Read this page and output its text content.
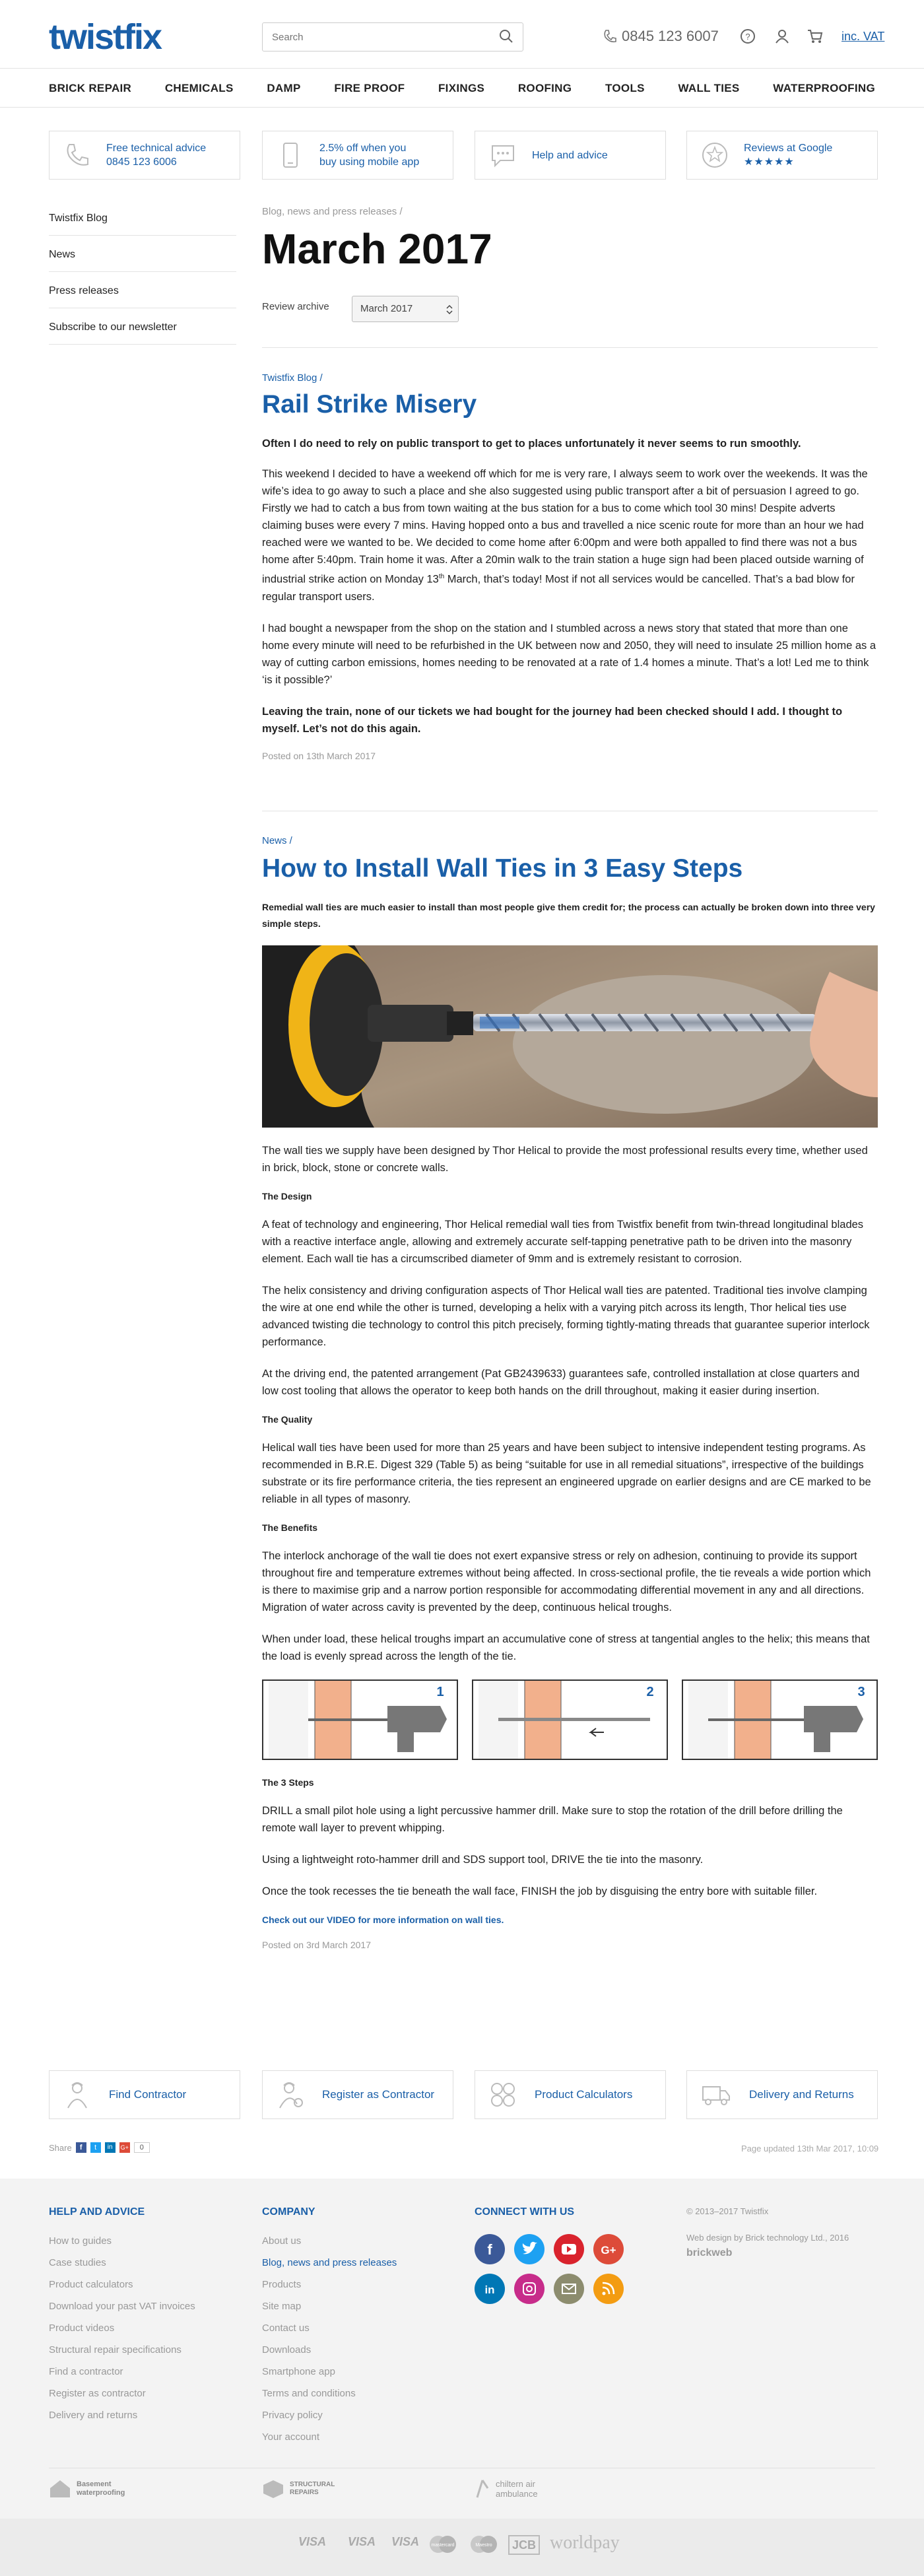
twistfix
Search	0845 123 6007	?	inc. VAT
BRICK REPAIR	CHEMICALS	DAMP	FIRE PROOF	FIXINGS	ROOFING	TOOLS	WALL TIES	WATERPROOFING
Free technical advice
0845 123 6006
2.5% off when you
buy using mobile app
Help and advice
Reviews at Google
★★★★★
Twistfix Blog
News
Press releases
Subscribe to our newsletter
Blog, news and press releases /
March 2017
Review archive	March 2017
Twistfix Blog /
Rail Strike Misery

Often I do need to rely on public transport to get to places unfortunately it never seems to run smoothly.

This weekend I decided to have a weekend off which for me is very rare, I always seem to work over the weekends. It was the wife’s idea to go away to such a place and she also suggested using public transport after a bit of persuasion I agreed to go. Firstly we had to catch a bus from town waiting at the bus station for a bus to come which tool 30 mins! Despite adverts claiming buses were every 7 mins. Having hopped onto a bus and travelled a nice scenic route for more than an hour we had reached were we wanted to be. We decided to come home after 6:00pm and were both appalled to find there was not a bus home after 5:40pm. Train home it was. After a 20min walk to the train station a huge sign had been placed outside warning of industrial strike action on Monday 13th March, that’s today! Most if not all services would be cancelled. That’s a bad blow for regular transport users.

I had bought a newspaper from the shop on the station and I stumbled across a news story that stated that more than one home every minute will need to be refurbished in the UK between now and 2050, they will need to insulate 25 million home as a way of cutting carbon emissions, homes needing to be renovated at a rate of 1.4 homes a minute. That’s a lot! Led me to think ‘is it possible?’

Leaving the train, none of our tickets we had bought for the journey had been checked should I add. I thought to myself. Let’s not do this again.

Posted on 13th March 2017
News /
How to Install Wall Ties in 3 Easy Steps

Remedial wall ties are much easier to install than most people give them credit for; the process can actually be broken down into three very simple steps.

The wall ties we supply have been designed by Thor Helical to provide the most professional results every time, whether used in brick, block, stone or concrete walls.

The Design

A feat of technology and engineering, Thor Helical remedial wall ties from Twistfix benefit from twin-thread longitudinal blades with a reactive interface angle, allowing and extremely accurate self-tapping penetrative path to be driven into the masonry element. Each wall tie has a circumscribed diameter of 9mm and is extremely resistant to corrosion.

The helix consistency and driving configuration aspects of Thor Helical wall ties are patented. Traditional ties involve clamping the wire at one end while the other is turned, developing a helix with a varying pitch across its length, Thor helical ties use advanced twisting die technology to control this pitch precisely, forming tightly-mating threads that guarantee superior interlock performance.

At the driving end, the patented arrangement (Pat GB2439633) guarantees safe, controlled installation at close quarters and low cost tooling that allows the operator to keep both hands on the drill throughout, making it easier during insertion.

The Quality

Helical wall ties have been used for more than 25 years and have been subject to intensive independent testing programs. As recommended in B.R.E. Digest 329 (Table 5) as being “suitable for use in all remedial situations”, irrespective of the buildings substrate or its fire performance criteria, the ties represent an engineered upgrade on earlier designs and are CE marked to be reliable in all types of masonry.

The Benefits

The interlock anchorage of the wall tie does not exert expansive stress or rely on adhesion, continuing to provide its support throughout fire and temperature extremes without being affected. In cross-sectional profile, the tie reveals a wide portion which is there to maximise grip and a narrow portion responsible for accommodating differential movement in any and all directions. Migration of water across cavity is prevented by the deep, continuous helical troughs.

When under load, these helical troughs impart an accumulative cone of stress at tangential angles to the helix; this means that the load is evenly spread across the length of the tie.

1	2	3
The 3 Steps

DRILL a small pilot hole using a light percussive hammer drill. Make sure to stop the rotation of the drill before drilling the remote wall layer to prevent whipping.

Using a lightweight roto-hammer drill and SDS support tool, DRIVE the tie into the masonry.

Once the took recesses the tie beneath the wall face, FINISH the job by disguising the entry bore with suitable filler.

Check out our VIDEO for more information on wall ties.
Posted on 3rd March 2017
Find Contractor	Register as Contractor	Product Calculators	Delivery and Returns
Share	f	t	in	G+	0	Page updated 13th Mar 2017, 10:09
HELP AND ADVICE
How to guides
Case studies
Product calculators
Download your past VAT invoices
Product videos
Structural repair specifications
Find a contractor
Register as contractor
Delivery and returns
COMPANY
About us
Blog, news and press releases
Products
Site map
Contact us
Downloads
Smartphone app
Terms and conditions
Privacy policy
Your account
CONNECT WITH US
f	G+
in
© 2013–2017 Twistfix
Web design by Brick technology Ltd., 2016
brickweb
Basement waterproofing
STRUCTURAL REPAIRS
chiltern air ambulance
VISA VISA VISA	mastercard	Maestro	JCB worldpay
